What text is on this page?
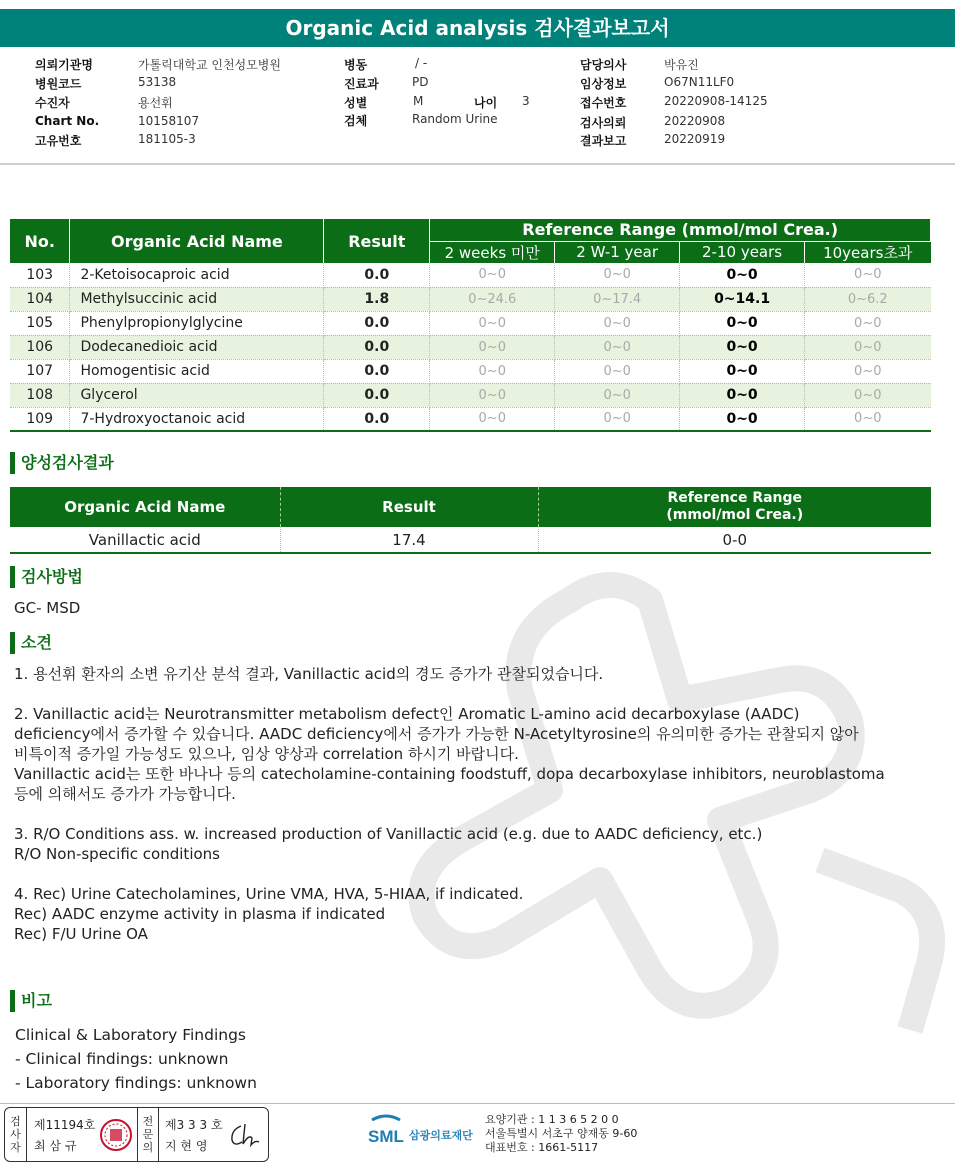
Organic Acid analysis 검사결과보고서
의뢰기관명	가톨릭대학교 인천성모병원
병원코드	53138
수진자	용선휘
Chart No.	10158107
고유번호	181105-3
병동	/ -
진료과	PD
성별	M	나이 3
검체	Random Urine
담당의사	박유진
임상정보	O67N11LF0
접수번호	20220908-14125
검사의뢰	20220908
결과보고	20220919
No.	Organic Acid Name	Result	Reference Range (mmol/mol Crea.)			
			2 weeks 미만	2 W-1 year	2-10 years	10years초과
103	2-Ketoisocaproic acid	0.0	0~0	0~0	0~0	0~0
104	Methylsuccinic acid	1.8	0~24.6	0~17.4	0~14.1	0~6.2
105	Phenylpropionylglycine	0.0	0~0	0~0	0~0	0~0
106	Dodecanedioic acid	0.0	0~0	0~0	0~0	0~0
107	Homogentisic acid	0.0	0~0	0~0	0~0	0~0
108	Glycerol	0.0	0~0	0~0	0~0	0~0
109	7-Hydroxyoctanoic acid	0.0	0~0	0~0	0~0	0~0
양성검사결과
Organic Acid Name	Result	Reference Range
(mmol/mol Crea.)
Vanillactic acid	17.4	0-0
검사방법
GC- MSD
소견
1. 용선휘 환자의 소변 유기산 분석 결과, Vanillactic acid의 경도 증가가 관찰되었습니다.
2. Vanillactic acid는 Neurotransmitter metabolism defect인 Aromatic L-amino acid decarboxylase (AADC)
deficiency에서 증가할 수 있습니다. AADC deficiency에서 증가가 가능한 N-Acetyltyrosine의 유의미한 증가는 관찰되지 않아
비특이적 증가일 가능성도 있으나, 임상 양상과 correlation 하시기 바랍니다.
Vanillactic acid는 또한 바나나 등의 catecholamine-containing foodstuff, dopa decarboxylase inhibitors, neuroblastoma
등에 의해서도 증가가 가능합니다.
3. R/O Conditions ass. w. increased production of Vanillactic acid (e.g. due to AADC deficiency, etc.)
R/O Non-specific conditions
4. Rec) Urine Catecholamines, Urine VMA, HVA, 5-HIAA, if indicated.
Rec) AADC enzyme activity in plasma if indicated
Rec) F/U Urine OA
비고
Clinical & Laboratory Findings
- Clinical findings: unknown
- Laboratory findings: unknown
검
사
자
제11194호
최 삼 규
전
문
의
제3 3 3 호
지 현 영	SML 삼광의료재단
요양기관 : 1 1 3 6 5 2 0 0
서울특별시 서초구 양재동 9-60
대표번호 : 1661-5117
